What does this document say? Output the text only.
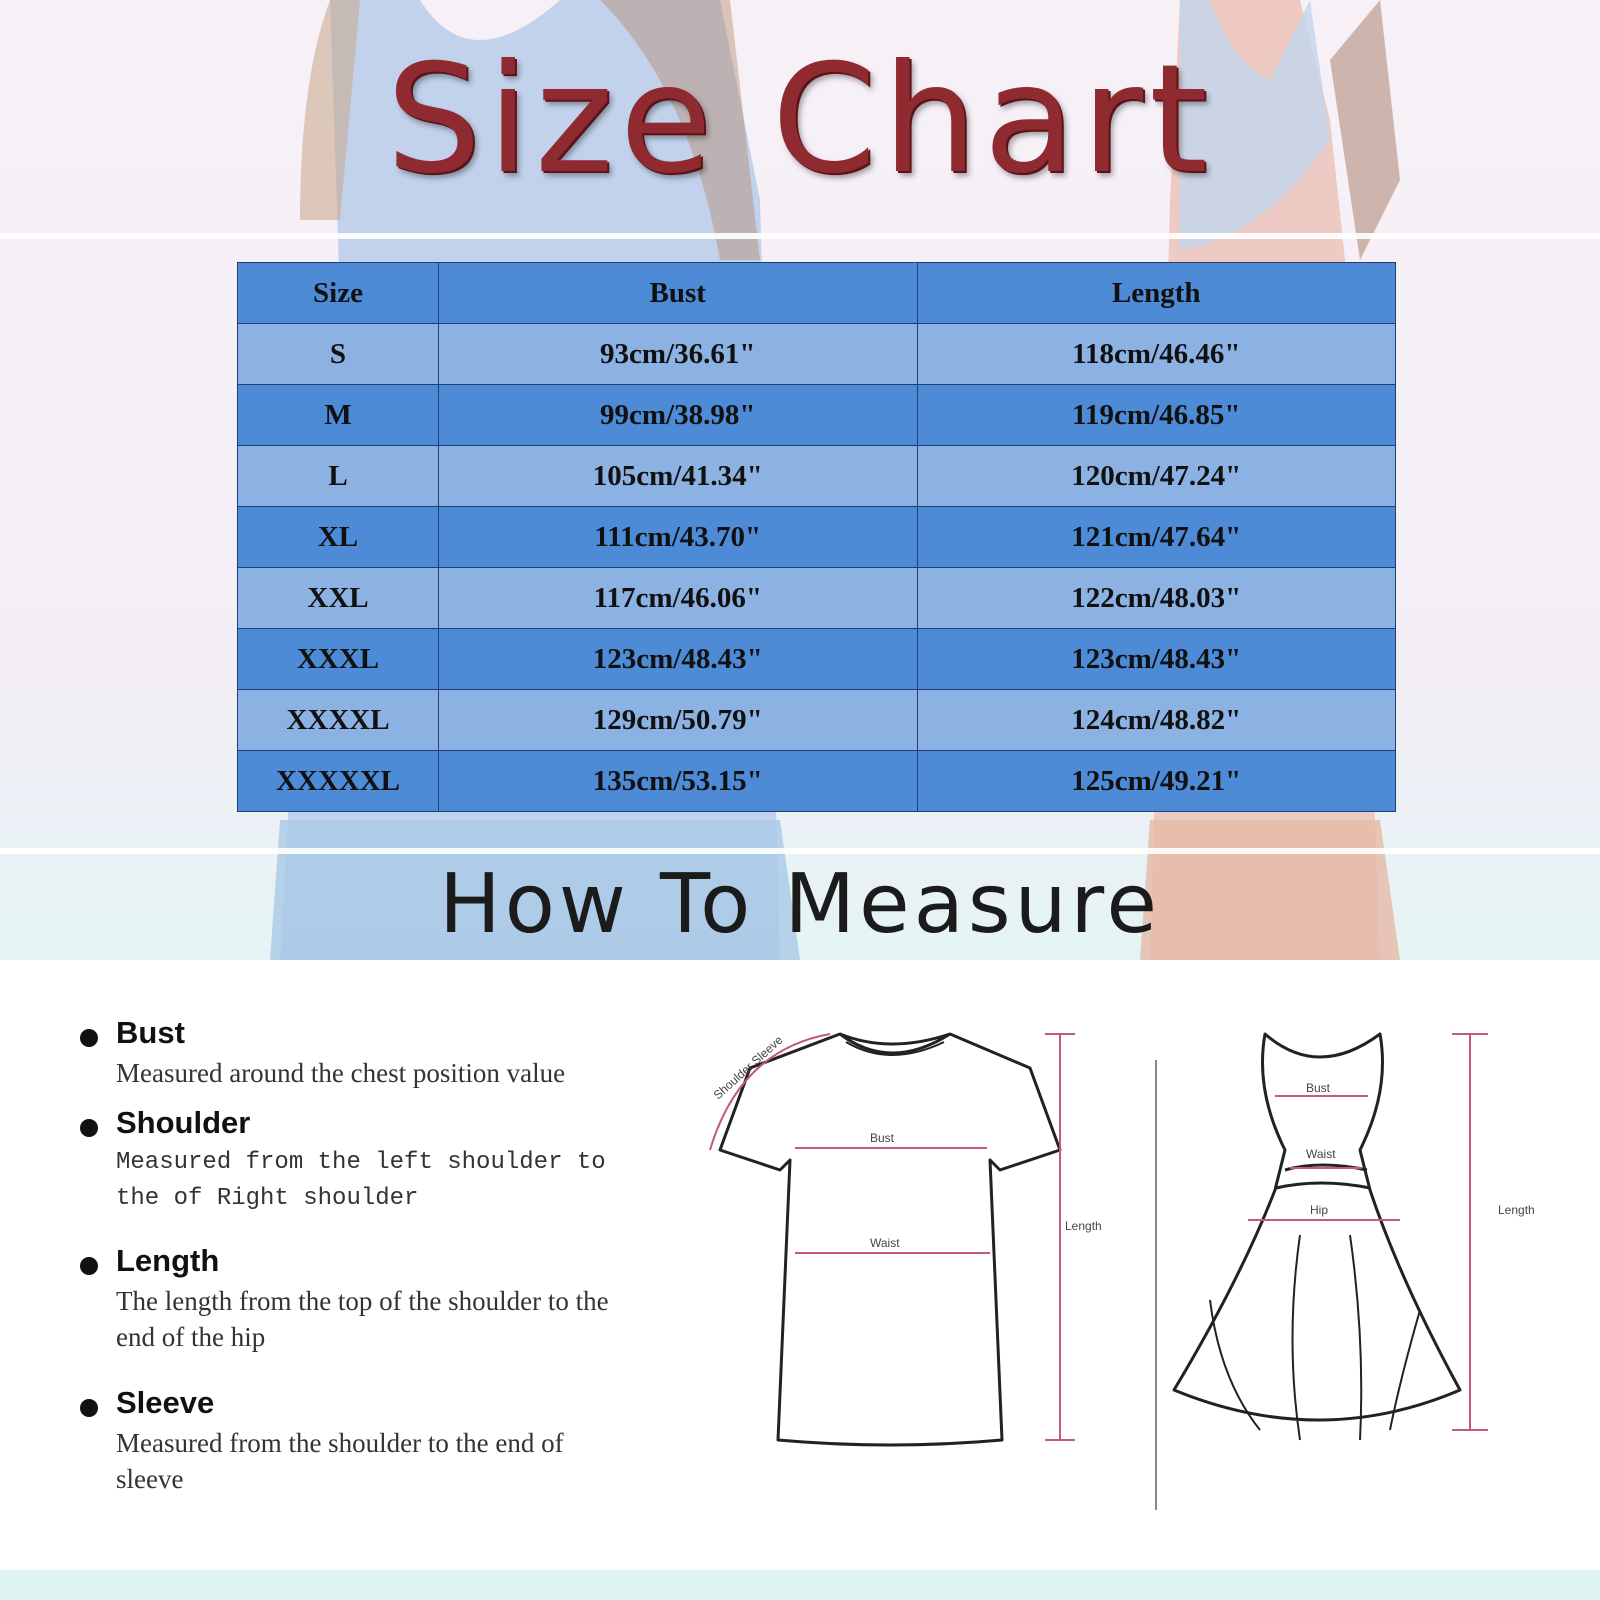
Size Chart
Size	Bust	Length
S	93cm/36.61"	118cm/46.46"
M	99cm/38.98"	119cm/46.85"
L	105cm/41.34"	120cm/47.24"
XL	111cm/43.70"	121cm/47.64"
XXL	117cm/46.06"	122cm/48.03"
XXXL	123cm/48.43"	123cm/48.43"
XXXXL	129cm/50.79"	124cm/48.82"
XXXXXL	135cm/53.15"	125cm/49.21"
How To Measure
Bust
Measured around the chest position value
Shoulder
Measured from the left shoulder to the of Right shoulder
Length
The length from the top of the shoulder to the end of the hip
Sleeve
Measured from the shoulder to the end of sleeve
Shoulder Sleeve
Bust
Waist
Length
Bust
Waist
Hip	Length
